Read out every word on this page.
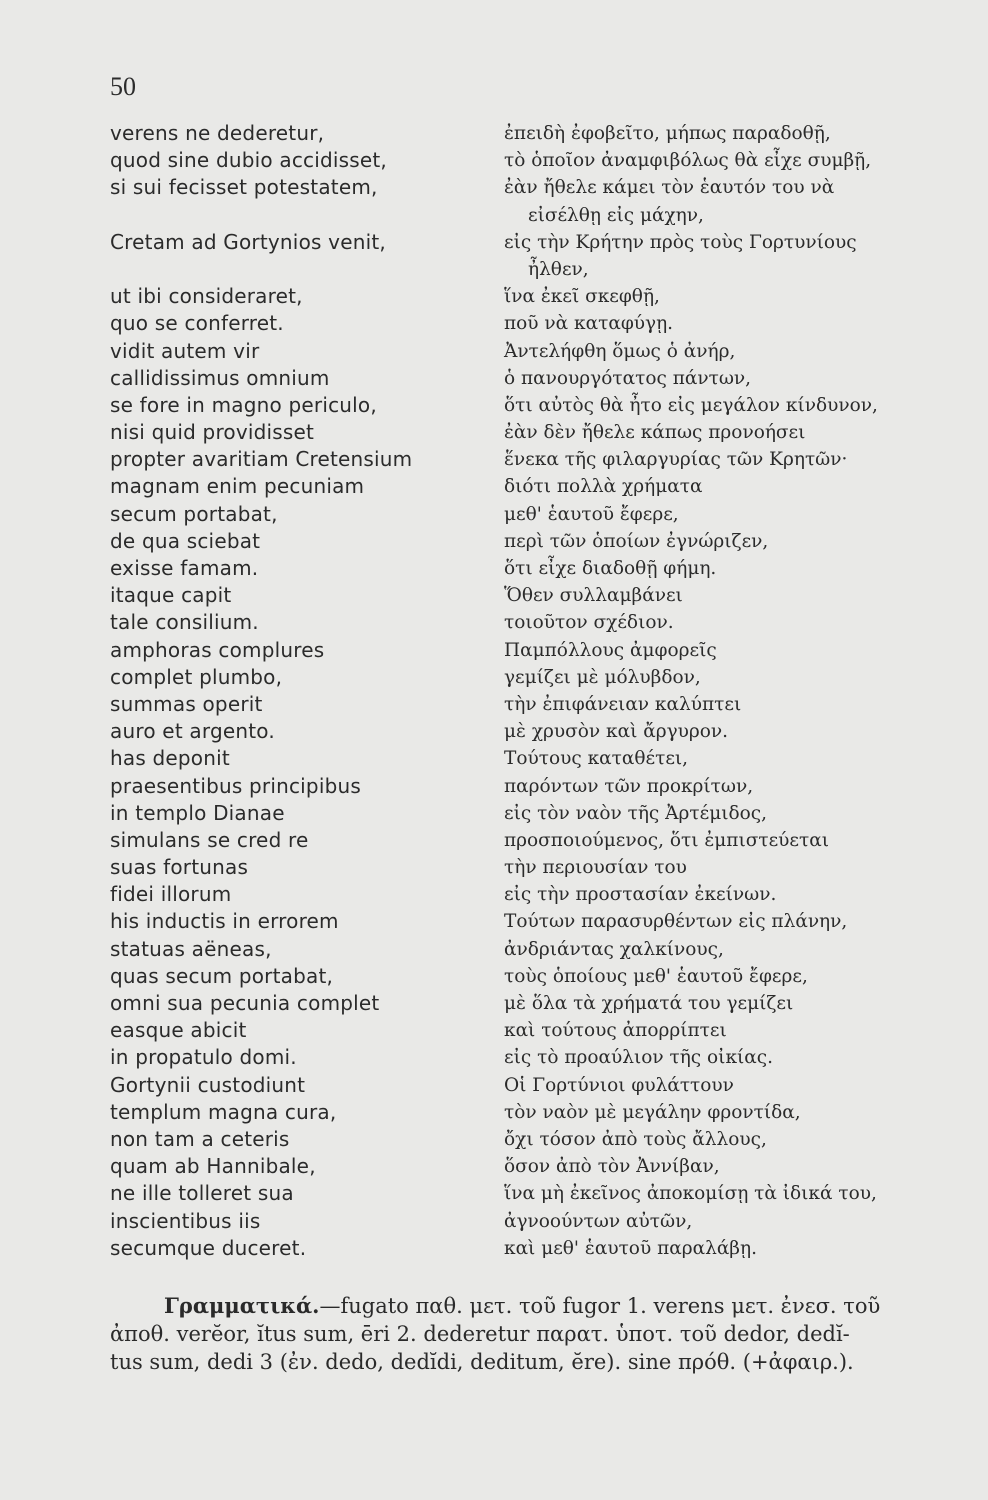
50
verens ne dederetur,
quod sine dubio accidisset,
si sui fecisset potestatem,
Cretam ad Gortynios venit,
ut ibi consideraret,
quo se conferret.
vidit autem vir
callidissimus omnium
se fore in magno periculo,
nisi quid providisset
propter avaritiam Cretensium
magnam enim pecuniam
secum portabat,
de qua sciebat
exisse famam.
itaque capit
tale consilium.
amphoras complures
complet plumbo,
summas operit
auro et argento.
has deponit
praesentibus principibus
in templo Dianae
simulans se cred re
suas fortunas
fidei illorum
his inductis in errorem
statuas aëneas,
quas secum portabat,
omni sua pecunia complet
easque abicit
in propatulo domi.
Gortynii custodiunt
templum magna cura,
non tam a ceteris
quam ab Hannibale,
ne ille tolleret sua
inscientibus iis
secumque duceret.
ἐπειδὴ ἐφοβεῖτο, μήπως παραδοθῇ,
τὸ ὁποῖον ἀναμφιβόλως θὰ εἶχε συμβῇ,
ἐὰν ἤθελε κάμει τὸν ἑαυτόν του νὰ
εἰσέλθῃ εἰς μάχην,
εἰς τὴν Κρήτην πρὸς τοὺς Γορτυνίους
ἦλθεν,
ἵνα ἐκεῖ σκεφθῇ,
ποῦ νὰ καταφύγῃ.
Ἀντελήφθη ὅμως ὁ ἀνήρ,
ὁ πανουργότατος πάντων,
ὅτι αὐτὸς θὰ ἦτο εἰς μεγάλον κίνδυνον,
ἐὰν δὲν ἤθελε κάπως προνοήσει
ἕνεκα τῆς φιλαργυρίας τῶν Κρητῶν·
διότι πολλὰ χρήματα
μεθ' ἑαυτοῦ ἔφερε,
περὶ τῶν ὁποίων ἐγνώριζεν,
ὅτι εἶχε διαδοθῇ φήμη.
Ὅθεν συλλαμβάνει
τοιοῦτον σχέδιον.
Παμπόλλους ἀμφορεῖς
γεμίζει μὲ μόλυβδον,
τὴν ἐπιφάνειαν καλύπτει
μὲ χρυσὸν καὶ ἄργυρον.
Τούτους καταθέτει,
παρόντων τῶν προκρίτων,
εἰς τὸν ναὸν τῆς Ἀρτέμιδος,
προσποιούμενος, ὅτι ἐμπιστεύεται
τὴν περιουσίαν του
εἰς τὴν προστασίαν ἐκείνων.
Τούτων παρασυρθέντων εἰς πλάνην,
ἀνδριάντας χαλκίνους,
τοὺς ὁποίους μεθ' ἑαυτοῦ ἔφερε,
μὲ ὅλα τὰ χρήματά του γεμίζει
καὶ τούτους ἀπορρίπτει
εἰς τὸ προαύλιον τῆς οἰκίας.
Οἱ Γορτύνιοι φυλάττουν
τὸν ναὸν μὲ μεγάλην φροντίδα,
ὄχι τόσον ἀπὸ τοὺς ἄλλους,
ὅσον ἀπὸ τὸν Ἀννίβαν,
ἵνα μὴ ἐκεῖνος ἀποκομίσῃ τὰ ἰδικά του,
ἀγνοούντων αὐτῶν,
καὶ μεθ' ἑαυτοῦ παραλάβῃ.
Γραμματικά.—fugato παθ. μετ. τοῦ fugor 1. verens μετ. ἐνεσ. τοῦ
ἀποθ. verĕor, ĭtus sum, ēri 2. dederetur παρατ. ὑποτ. τοῦ dedor, dedĭ-
tus sum, dedi 3 (ἐν. dedo, dedĭdi, deditum, ĕre). sine πρόθ. (+ἀφαιρ.).
